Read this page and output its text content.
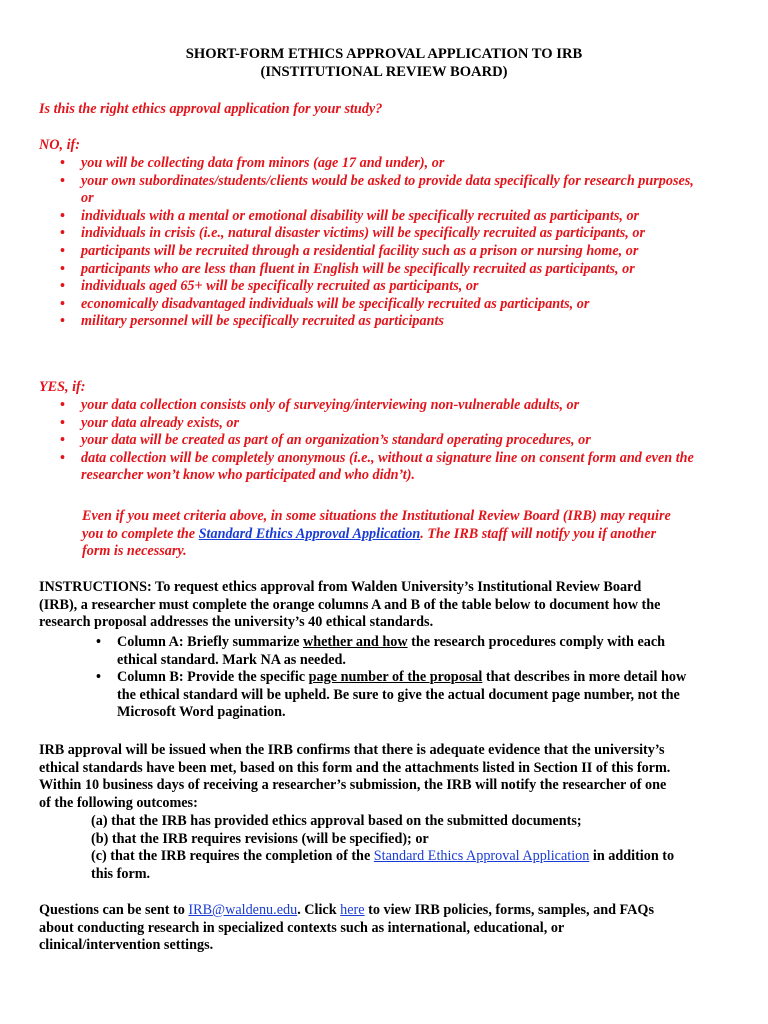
SHORT-FORM ETHICS APPROVAL APPLICATION TO IRB
(INSTITUTIONAL REVIEW BOARD)
Is this the right ethics approval application for your study?
NO, if:
• you will be collecting data from minors (age 17 and under), or
• your own subordinates/students/clients would be asked to provide data specifically for research purposes, or
• individuals with a mental or emotional disability will be specifically recruited as participants, or
• individuals in crisis (i.e., natural disaster victims) will be specifically recruited as participants, or
• participants will be recruited through a residential facility such as a prison or nursing home, or
• participants who are less than fluent in English will be specifically recruited as participants, or
• individuals aged 65+ will be specifically recruited as participants, or
• economically disadvantaged individuals will be specifically recruited as participants, or
• military personnel will be specifically recruited as participants
YES, if:
• your data collection consists only of surveying/interviewing non-vulnerable adults, or
• your data already exists, or
• your data will be created as part of an organization’s standard operating procedures, or
• data collection will be completely anonymous (i.e., without a signature line on consent form and even the researcher won’t know who participated and who didn’t).
Even if you meet criteria above, in some situations the Institutional Review Board (IRB) may require you to complete the Standard Ethics Approval Application. The IRB staff will notify you if another form is necessary.
INSTRUCTIONS: To request ethics approval from Walden University’s Institutional Review Board (IRB), a researcher must complete the orange columns A and B of the table below to document how the research proposal addresses the university’s 40 ethical standards.
• Column A: Briefly summarize whether and how the research procedures comply with each ethical standard. Mark NA as needed.
• Column B: Provide the specific page number of the proposal that describes in more detail how the ethical standard will be upheld. Be sure to give the actual document page number, not the Microsoft Word pagination.
IRB approval will be issued when the IRB confirms that there is adequate evidence that the university’s ethical standards have been met, based on this form and the attachments listed in Section II of this form. Within 10 business days of receiving a researcher’s submission, the IRB will notify the researcher of one of the following outcomes:
(a) that the IRB has provided ethics approval based on the submitted documents;
(b) that the IRB requires revisions (will be specified); or
(c) that the IRB requires the completion of the Standard Ethics Approval Application in addition to this form.
Questions can be sent to IRB@waldenu.edu. Click here to view IRB policies, forms, samples, and FAQs about conducting research in specialized contexts such as international, educational, or clinical/intervention settings.
